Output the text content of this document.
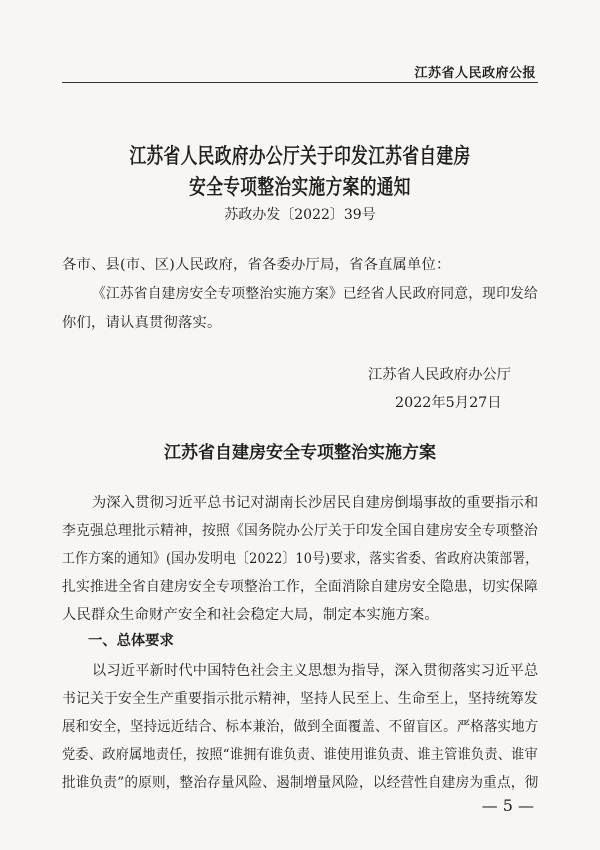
江苏省人民政府公报
江苏省人民政府办公厅关于印发江苏省自建房
安全专项整治实施方案的通知
苏政办发〔2022〕39号
各市、县(市、区)人民政府，省各委办厅局，省各直属单位：
《江苏省自建房安全专项整治实施方案》已经省人民政府同意，现印发给
你们，请认真贯彻落实。
江苏省人民政府办公厅
2022年5月27日
江苏省自建房安全专项整治实施方案
为深入贯彻习近平总书记对湖南长沙居民自建房倒塌事故的重要指示和
李克强总理批示精神，按照《国务院办公厅关于印发全国自建房安全专项整治
工作方案的通知》(国办发明电〔2022〕10号)要求，落实省委、省政府决策部署，
扎实推进全省自建房安全专项整治工作，全面消除自建房安全隐患，切实保障
人民群众生命财产安全和社会稳定大局，制定本实施方案。
一、总体要求
以习近平新时代中国特色社会主义思想为指导，深入贯彻落实习近平总
书记关于安全生产重要指示批示精神，坚持人民至上、生命至上，坚持统筹发
展和安全，坚持远近结合、标本兼治，做到全面覆盖、不留盲区。严格落实地方
党委、政府属地责任，按照“谁拥有谁负责、谁使用谁负责、谁主管谁负责、谁审
批谁负责”的原则，整治存量风险、遏制增量风险，以经营性自建房为重点，彻
— 5 —
